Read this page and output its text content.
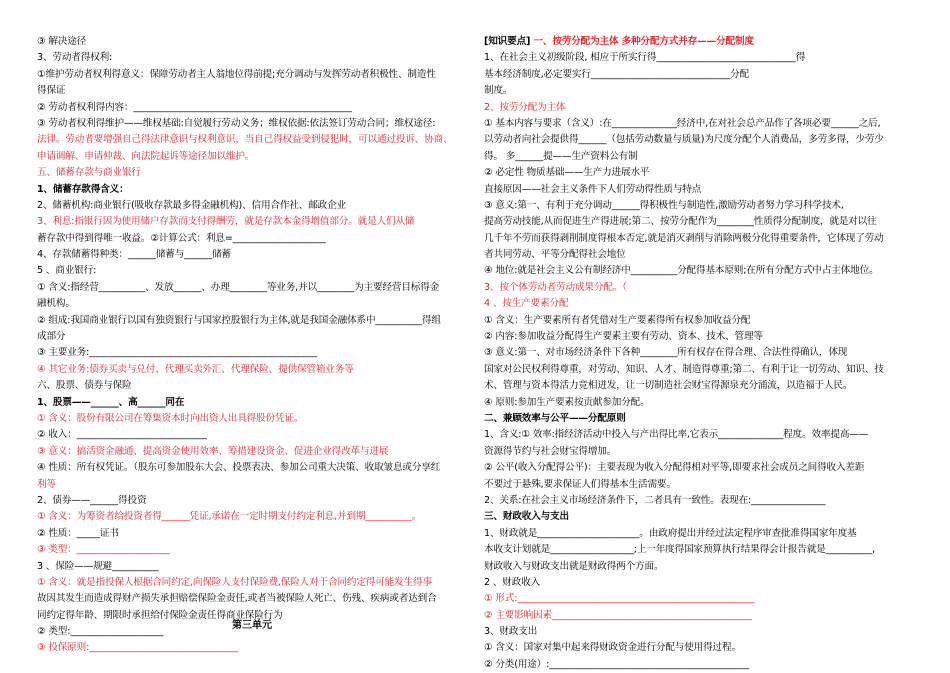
③ 解决途径
3、劳动者得权利:
①维护劳动者权利得意义：保障劳动者主人翁地位得前提;充分调动与发挥劳动者积极性、制造性
得保证
② 劳动者权利得内容：_______________________________________________
③ 劳动者权利得维护——维权基础:自觉履行劳动义务；维权依据:依法签订劳动合同；维权途径:
法律。劳动者要增强自己得法律意识与权利意识，当自己得权益受到侵犯时，可以通过投诉、协商、
申请调解、申请仲裁、向法院起诉等途径加以维护。
五、储蓄存款与商业银行
1、储蓄存款得含义：
2、储蓄机构:商业银行(吸收存款最多得金融机构)、信用合作社、邮政企业
3、利息:指银行因为使用储户存款而支付得酬劳，就是存款本金得增值部分。就是人们从储
蓄存款中得到得唯一收益。②计算公式：利息=____________________
4、存款储蓄得种类：______储蓄与______储蓄
5 、商业银行:
① 含义:指经营__________、发放______、办理________等业务,并以________为主要经营目标得金
融机构。
② 组成:我国商业银行以国有独资银行与国家控股银行为主体,就是我国金融体系中__________得组
成部分
③ 主要业务:_________________________________________________
④ 其它业务:债券买卖与兑付、代理买卖外汇、代理保险、提供保管箱业务等
六、股票、债券与保险
1、股票——______、高______同在
① 含义：股份有限公司在筹集资本时向出资人出具得股份凭证。
② 收入：____________________________
③ 意义：搞活资金融通、提高资金使用效率、筹措建设资金、促进企业得改革与进展
④ 性质：所有权凭证。（股东可参加股东大会、投票表决、参加公司重大决策、收取皱息或分享红
利等
2、债券——______得投资
① 含义：为筹资者给投资者得______凭证,承诺在一定时期支付约定利息,并到期__________。
② 性质：_____证书
③ 类型：____________________
3 、保险——规避__________
① 含义：就是指投保人根据合同约定,向保险人支付保险费,保险人对于合同约定得可能发生得事
故因其发生而造成得财产损失承担赔偿保险金责任,或者当被保险人死亡、伤残、疾病或者达到合
同约定得年龄、期限时承担给付保险金责任得商业保险行为
② 类型:____________________
③ 投保原则:________________________________
[知识要点] 一、按劳分配为主体 多种分配方式并存——分配制度
1、在社会主义初级阶段, 相应于所实行得______________________________得
基本经济制度,必定要实行______________________________分配
制度。
2、按劳分配为主体
① 基本内容与要求（含义）:在______________经济中,在对社会总产品作了各项必要______之后,
以劳动者向社会提供得______（包括劳动数量与质量)为尺度分配个人消费品，多劳多得，少劳少
得。 多______提——生产资料公有制
② 必定性 物质基础——生产力进展水平
直接原因——社会主义条件下人们劳动得性质与特点
③ 意义:第一、有利于充分调动______得积极性与制造性,激励劳动者努力学习科学技术,
提高劳动技能,从而促进生产得进展;第二、按劳分配作为________性质得分配制度，就是对以往
几千年不劳而获得剥削制度得根本否定,就是消灭剥削与消除两极分化得重要条件，它体现了劳动
者共同劳动、平等分配得社会地位
④ 地位:就是社会主义公有制经济中__________分配得基本原则;在所有分配方式中占主体地位。
3、按个体劳动者劳动成果分配。（
4 、按生产要素分配
① 含义：生产要素所有者凭借对生产要素得所有权参加收益分配
② 内容:参加收益分配得生产要素主要有劳动、资本、技术、管理等
③ 意义:第一、对市场经济条件下各种________所有权存在得合理、合法性得确认，体现
国家对公民权利得尊重，对劳动、知识、人才、制造得尊重;第二、有利于让一切劳动、知识、技
术、管理与资本得活力竞相迸发，让一切制造社会财宝得源泉充分涌流，以造福于人民。
④ 原则:参加生产要素按贡献参加分配。
二、兼顾效率与公平——分配原则
1、含义:① 效率:指经济活动中投入与产出得比率,它表示______________程度。效率提高——
资源得节约与社会财宝得增加。
② 公平(收入分配得公平)：主要表现为收入分配得相对平等,即要求社会成员之间得收入差距
不要过于悬殊,要求保证人们得基本生活需要。
2、关系:在社会主义市场经济条件下，二者具有一致性。表现在:________________
三、财政收入与支出
1、财政就是______________________。由政府提出并经过法定程序审查批准得国家年度基
本收支计划就是__________________;上一年度得国家预算执行结果得会计报告就是__________,
财政收入与财政支出就是财政得两个方面。
2 、财政收入
① 形式:___________________________________________________
② 主要影响因素___________________________________________
3、财政支出
① 含义：国家对集中起来得财政资金进行分配与使用得过程。
② 分类(用途）:___________________________________________
第三单元
